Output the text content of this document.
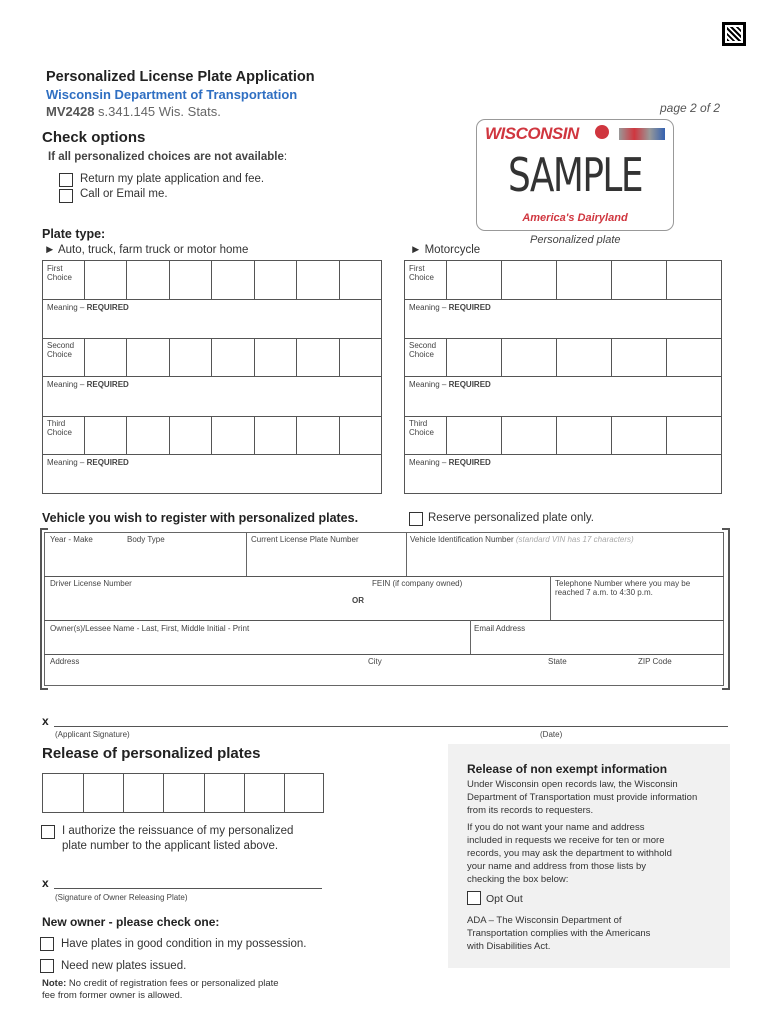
Personalized License Plate Application
Wisconsin Department of Transportation
MV2428 s.341.145 Wis. Stats.	page 2 of 2
Check options
If all personalized choices are not available:
Return my plate application and fee.
Call or Email me.
WISCONSIN
SAMPLE
America's Dairyland
Personalized plate
Plate type:
► Auto, truck, farm truck or motor home	► Motorcycle
First
Choice
Meaning – REQUIRED
Second
Choice
Meaning – REQUIRED
Third
Choice
Meaning – REQUIRED
First
Choice
Meaning – REQUIRED
Second
Choice
Meaning – REQUIRED
Third
Choice
Meaning – REQUIRED
Vehicle you wish to register with personalized plates.	Reserve personalized plate only.
Year - Make	Body Type	Current License Plate Number	Vehicle Identification Number (standard VIN has 17 characters)
Driver License Number	FEIN (if company owned)
OR
Telephone Number where you may be reached 7 a.m. to 4:30 p.m.
Owner(s)/Lessee Name - Last, First, Middle Initial - Print	Email Address
Address	City	State	ZIP Code
x
(Applicant Signature)	(Date)
Release of personalized plates
I authorize the reissuance of my personalized plate number to the applicant listed above.
x
(Signature of Owner Releasing Plate)
New owner - please check one:
Have plates in good condition in my possession.
Need new plates issued.
Note: No credit of registration fees or personalized plate fee from former owner is allowed.
Release of non exempt information
Under Wisconsin open records law, the Wisconsin Department of Transportation must provide information from its records to requesters.
If you do not want your name and address included in requests we receive for ten or more records, you may ask the department to withhold your name and address from those lists by checking the box below:
Opt Out
ADA – The Wisconsin Department of Transportation complies with the Americans with Disabilities Act.
